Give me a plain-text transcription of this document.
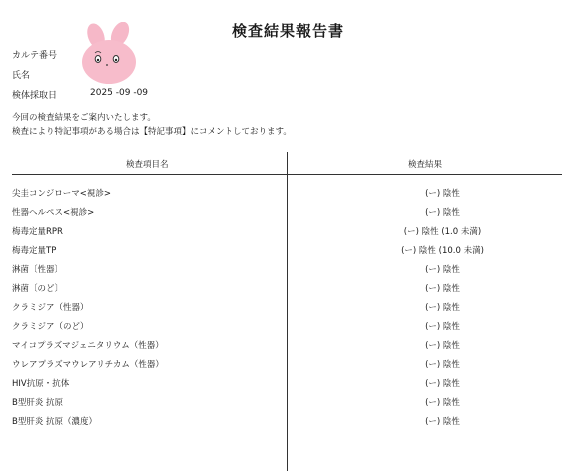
検査結果報告書
カルテ番号
氏名
検体採取日	2025 -09 -09
今回の検査結果をご案内いたします。
検査により特記事項がある場合は【特記事項】にコメントしております。
検査項目名	検査結果
尖圭コンジローマ<視診>	(ー) 陰性
性器ヘルペス<視診>	(ー) 陰性
梅毒定量RPR	(ー) 陰性 (1.0 未満)
梅毒定量TP	(ー) 陰性 (10.0 未満)
淋菌〔性器〕	(ー) 陰性
淋菌〔のど〕	(ー) 陰性
クラミジア（性器）	(ー) 陰性
クラミジア（のど）	(ー) 陰性
マイコプラズマジェニタリウム（性器）	(ー) 陰性
ウレアプラズマウレアリチカム（性器）	(ー) 陰性
HIV抗原・抗体	(ー) 陰性
B型肝炎 抗原	(ー) 陰性
B型肝炎 抗原（濃度）	(ー) 陰性
